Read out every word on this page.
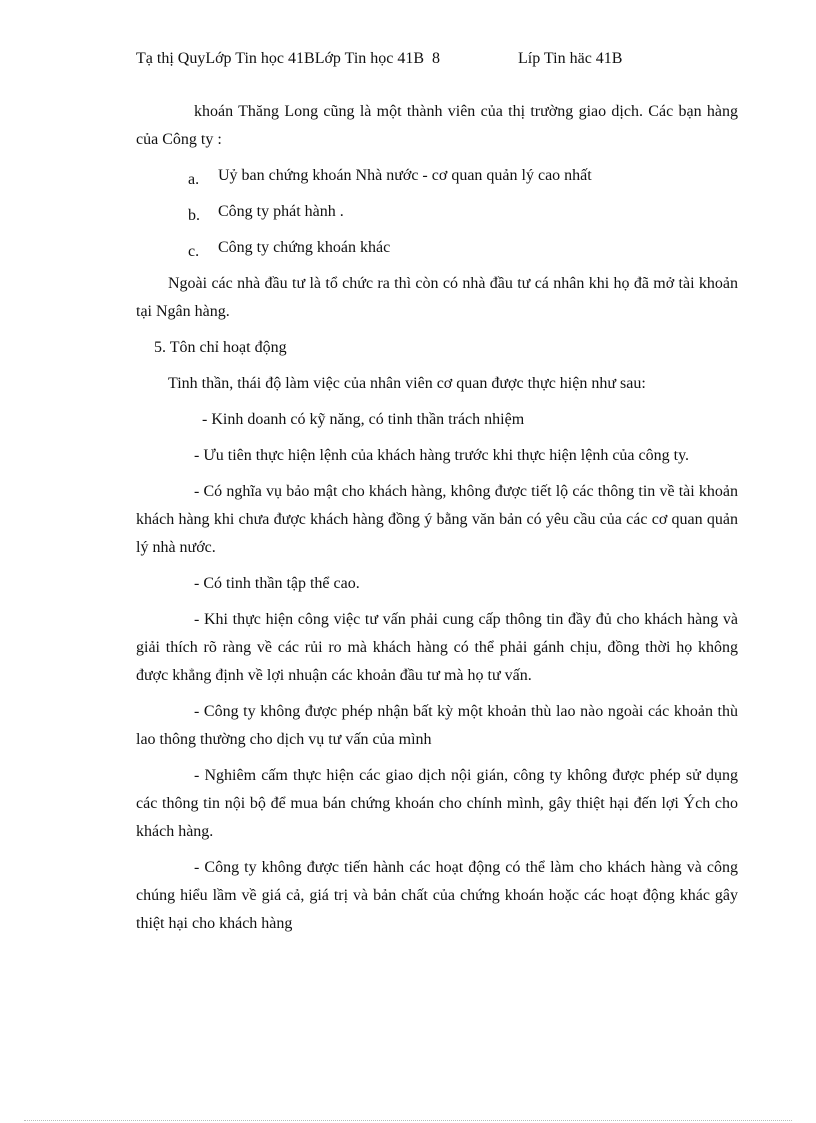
Tạ thị QuyLớp Tin học 41BLớp Tin học 41B 8	Líp Tin häc 41B

khoán Thăng Long cũng là một thành viên của thị trường giao dịch. Các bạn hàng của Công ty :

a. Uỷ ban chứng khoán Nhà nước - cơ quan quản lý cao nhất
b. Công ty phát hành .
c. Công ty chứng khoán khác

Ngoài các nhà đầu tư là tổ chức ra thì còn có nhà đầu tư cá nhân khi họ đã mở tài khoản tại Ngân hàng.

5. Tôn chỉ hoạt động

Tinh thần, thái độ làm việc của nhân viên cơ quan được thực hiện như sau:

- Kinh doanh có kỹ năng, có tinh thần trách nhiệm

- Ưu tiên thực hiện lệnh của khách hàng trước khi thực hiện lệnh của công ty.

- Có nghĩa vụ bảo mật cho khách hàng, không được tiết lộ các thông tin về tài khoản khách hàng khi chưa được khách hàng đồng ý bằng văn bản có yêu cầu của các cơ quan quản lý nhà nước.

- Có tinh thần tập thể cao.

- Khi thực hiện công việc tư vấn phải cung cấp thông tin đầy đủ cho khách hàng và giải thích rõ ràng về các rủi ro mà khách hàng có thể phải gánh chịu, đồng thời họ không được khẳng định về lợi nhuận các khoản đầu tư mà họ tư vấn.

- Công ty không được phép nhận bất kỳ một khoản thù lao nào ngoài các khoản thù lao thông thường cho dịch vụ tư vấn của mình

- Nghiêm cấm thực hiện các giao dịch nội gián, công ty không được phép sử dụng các thông tin nội bộ để mua bán chứng khoán cho chính mình, gây thiệt hại đến lợi Ých cho khách hàng.

- Công ty không được tiến hành các hoạt động có thể làm cho khách hàng và công chúng hiểu lầm về giá cả, giá trị và bản chất của chứng khoán hoặc các hoạt động khác gây thiệt hại cho khách hàng
